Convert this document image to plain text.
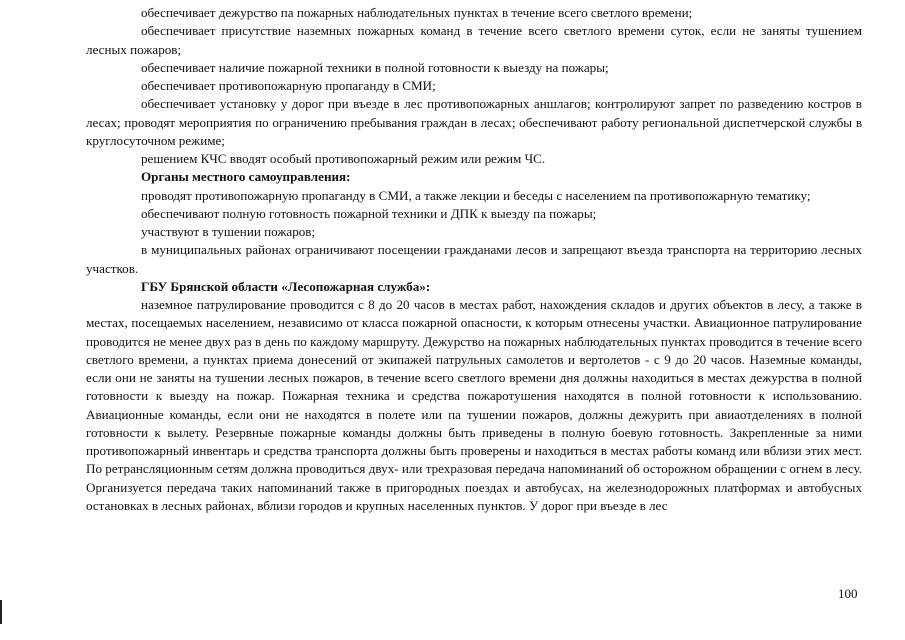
обеспечивает дежурство па пожарных наблюдательных пунктах в течение всего светлого времени;

обеспечивает присутствие наземных пожарных команд в течение всего светлого времени суток, если не заняты тушением лесных пожаров;

обеспечивает наличие пожарной техники в полной готовности к выезду на пожары;

обеспечивает противопожарную пропаганду в СМИ;

обеспечивает установку у дорог при въезде в лес противопожарных аншлагов; контролируют запрет по разведению костров в лесах; проводят мероприятия по ограничению пребывания граждан в лесах; обеспечивают работу региональной диспетчерской службы в круглосуточном режиме;

решением КЧС вводят особый противопожарный режим или режим ЧС.

Органы местного самоуправления:

проводят противопожарную пропаганду в СМИ, а также лекции и беседы с населением па противопожарную тематику;

обеспечивают полную готовность пожарной техники и ДПК к выезду па пожары;

участвуют в тушении пожаров;

в муниципальных районах ограничивают посещении гражданами лесов и запрещают въезда транспорта на территорию лесных участков.

ГБУ Брянской области «Лесопожарная служба»:

наземное патрулирование проводится с 8 до 20 часов в местах работ, нахождения складов и других объектов в лесу, а также в местах, посещаемых населением, независимо от класса пожарной опасности, к которым отнесены участки. Авиационное патрулирование проводится не менее двух раз в день по каждому маршруту. Дежурство на пожарных наблюдательных пунктах проводится в течение всего светлого времени, а пунктах приема донесений от экипажей патрульных самолетов и вертолетов - с 9 до 20 часов. Наземные команды, если они не заняты на тушении лесных пожаров, в течение всего светлого времени дня должны находиться в местах дежурства в полной готовности к выезду на пожар. Пожарная техника и средства пожаротушения находятся в полной готовности к использованию. Авиационные команды, если они не находятся в полете или па тушении пожаров, должны дежурить при авиаотделениях в полной готовности к вылету. Резервные пожарные команды должны быть приведены в полную боевую готовность. Закрепленные за ними противопожарный инвентарь и средства транспорта должны быть проверены и находиться в местах работы команд или вблизи этих мест. По ретрансляционным сетям должна проводиться двух- или трехразовая передача напоминаний об осторожном обращении с огнем в лесу. Организуется передача таких напоминаний также в пригородных поездах и автобусах, на железнодорожных платформах и автобусных остановках в лесных районах, вблизи городов и крупных населенных пунктов. У дорог при въезде в лес

100
